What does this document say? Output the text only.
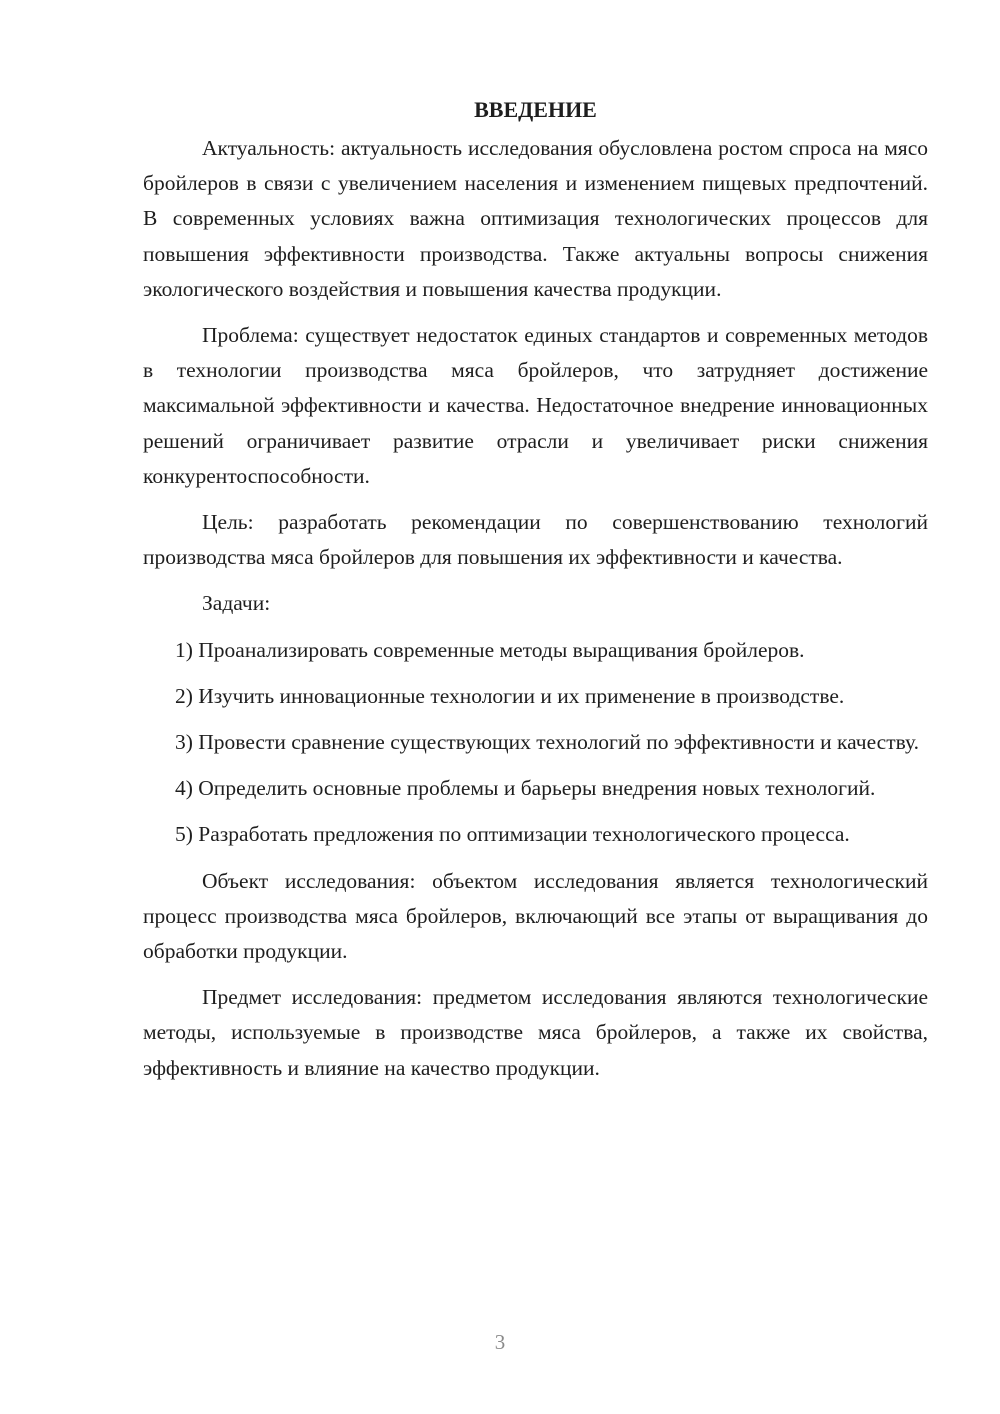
ВВЕДЕНИЕ

Актуальность: актуальность исследования обусловлена ростом спроса на мясо бройлеров в связи с увеличением населения и изменением пищевых предпочтений. В современных условиях важна оптимизация технологических процессов для повышения эффективности производства. Также актуальны вопросы снижения экологического воздействия и повышения качества продукции.

Проблема: существует недостаток единых стандартов и современных методов в технологии производства мяса бройлеров, что затрудняет достижение максимальной эффективности и качества. Недостаточное внедрение инновационных решений ограничивает развитие отрасли и увеличивает риски снижения конкурентоспособности.

Цель: разработать рекомендации по совершенствованию технологий производства мяса бройлеров для повышения их эффективности и качества.

Задачи:

1) Проанализировать современные методы выращивания бройлеров.

2) Изучить инновационные технологии и их применение в производстве.

3) Провести сравнение существующих технологий по эффективности и качеству.

4) Определить основные проблемы и барьеры внедрения новых технологий.

5) Разработать предложения по оптимизации технологического процесса.

Объект исследования: объектом исследования является технологический процесс производства мяса бройлеров, включающий все этапы от выращивания до обработки продукции.

Предмет исследования: предметом исследования являются технологические методы, используемые в производстве мяса бройлеров, а также их свойства, эффективность и влияние на качество продукции.

3
